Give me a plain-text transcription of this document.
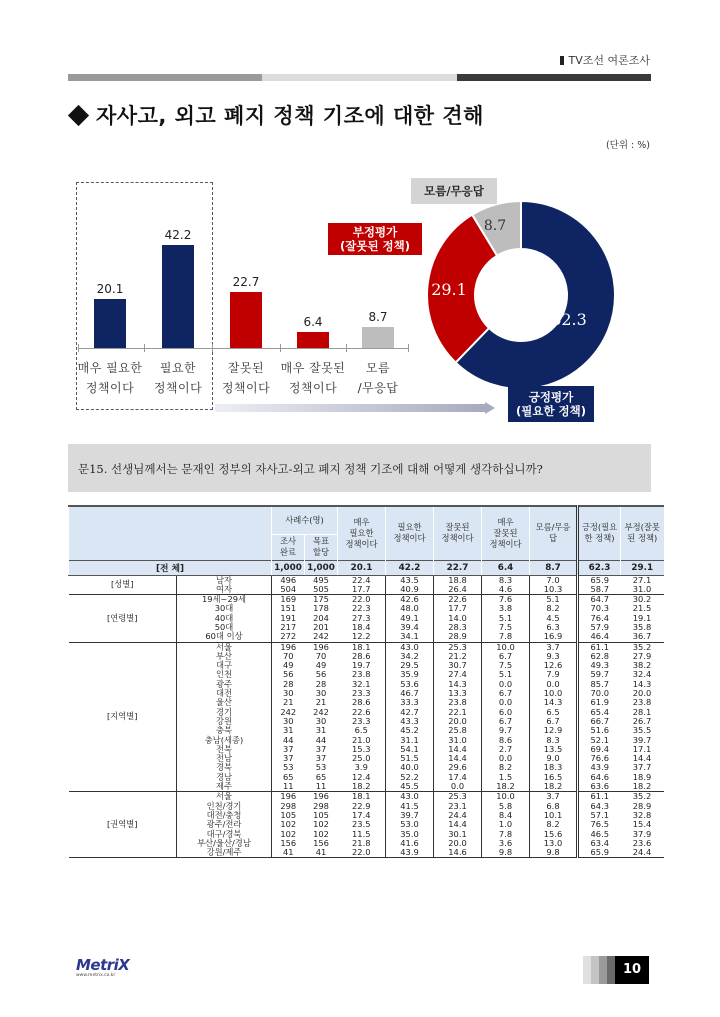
TV조선 여론조사
자사고, 외고 폐지 정책 기조에 대한 견해
(단위 : %)
20.1
매우 필요한
정책이다
42.2
필요한
정책이다
22.7
잘못된
정책이다
6.4
매우 잘못된
정책이다
8.7
모름
/무응답
62.3
29.1
8.7
모름/무응답
부정평가
(잘못된 정책)
긍정평가
(필요한 정책)
문15. 선생님께서는 문재인 정부의 자사고-외고 폐지 정책 기조에 대해 어떻게 생각하십니까?
		사례수(명)		매우
필요한
정책이다	필요한
정책이다	잘못된
정책이다	매우
잘못된
정책이다	모름/무응
답	긍정(필요
한 정책)	부정(잘못
된 정책)
		조사
완료	목표
할당							
[전 체]		1,000	1,000	20.1	42.2	22.7	6.4	8.7	62.3	29.1
[성별]	남자	496	495	22.4	43.5	18.8	8.3	7.0	65.9	27.1
	여자	504	505	17.7	40.9	26.4	4.6	10.3	58.7	31.0
[연령별]	19세~29세	169	175	22.0	42.6	22.6	7.6	5.1	64.7	30.2
	30대	151	178	22.3	48.0	17.7	3.8	8.2	70.3	21.5
	40대	191	204	27.3	49.1	14.0	5.1	4.5	76.4	19.1
	50대	217	201	18.4	39.4	28.3	7.5	6.3	57.9	35.8
	60대 이상	272	242	12.2	34.1	28.9	7.8	16.9	46.4	36.7
[지역별]	서울	196	196	18.1	43.0	25.3	10.0	3.7	61.1	35.2
	부산	70	70	28.6	34.2	21.2	6.7	9.3	62.8	27.9
	대구	49	49	19.7	29.5	30.7	7.5	12.6	49.3	38.2
	인천	56	56	23.8	35.9	27.4	5.1	7.9	59.7	32.4
	광주	28	28	32.1	53.6	14.3	0.0	0.0	85.7	14.3
	대전	30	30	23.3	46.7	13.3	6.7	10.0	70.0	20.0
	울산	21	21	28.6	33.3	23.8	0.0	14.3	61.9	23.8
	경기	242	242	22.6	42.7	22.1	6.0	6.5	65.4	28.1
	강원	30	30	23.3	43.3	20.0	6.7	6.7	66.7	26.7
	충북	31	31	6.5	45.2	25.8	9.7	12.9	51.6	35.5
	충남(세종)	44	44	21.0	31.1	31.0	8.6	8.3	52.1	39.7
	전북	37	37	15.3	54.1	14.4	2.7	13.5	69.4	17.1
	전남	37	37	25.0	51.5	14.4	0.0	9.0	76.6	14.4
	경북	53	53	3.9	40.0	29.6	8.2	18.3	43.9	37.7
	경남	65	65	12.4	52.2	17.4	1.5	16.5	64.6	18.9
	제주	11	11	18.2	45.5	0.0	18.2	18.2	63.6	18.2
[권역별]	서울	196	196	18.1	43.0	25.3	10.0	3.7	61.1	35.2
	인천/경기	298	298	22.9	41.5	23.1	5.8	6.8	64.3	28.9
	대전/충청	105	105	17.4	39.7	24.4	8.4	10.1	57.1	32.8
	광주/전라	102	102	23.5	53.0	14.4	1.0	8.2	76.5	15.4
	대구/경북	102	102	11.5	35.0	30.1	7.8	15.6	46.5	37.9
	부산/울산/경남	156	156	21.8	41.6	20.0	3.6	13.0	63.4	23.6
	강원/제주	41	41	22.0	43.9	14.6	9.8	9.8	65.9	24.4
MetriX
www.metrix.co.kr	10
